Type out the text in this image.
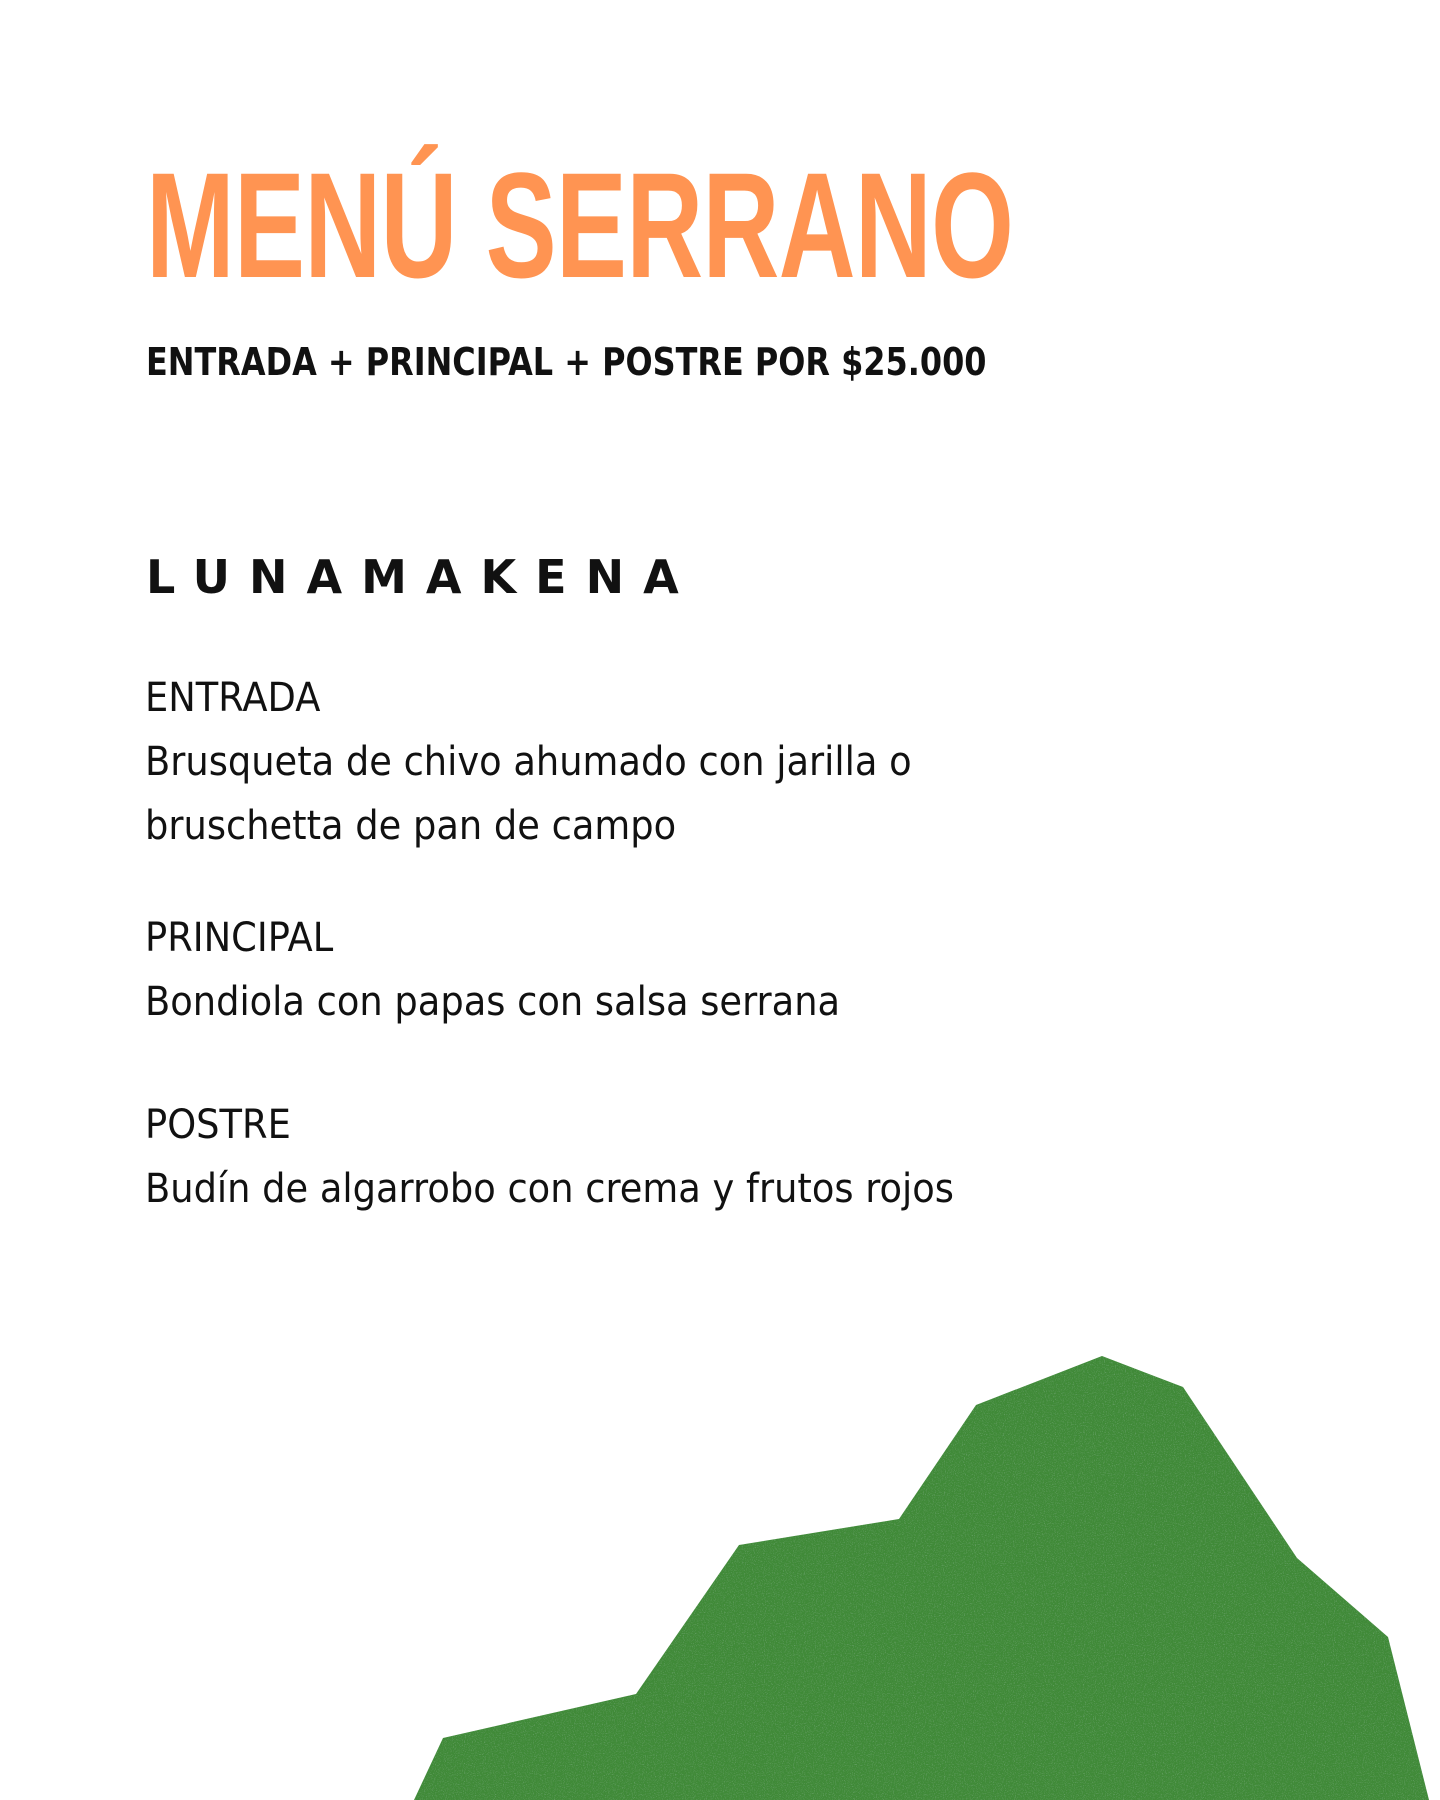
MENÚ SERRANO

ENTRADA + PRINCIPAL + POSTRE POR $25.000

LUNAMAKENA

ENTRADA
Brusqueta de chivo ahumado con jarilla o
bruschetta de pan de campo
PRINCIPAL
Bondiola con papas con salsa serrana
POSTRE
Budín de algarrobo con crema y frutos rojos
